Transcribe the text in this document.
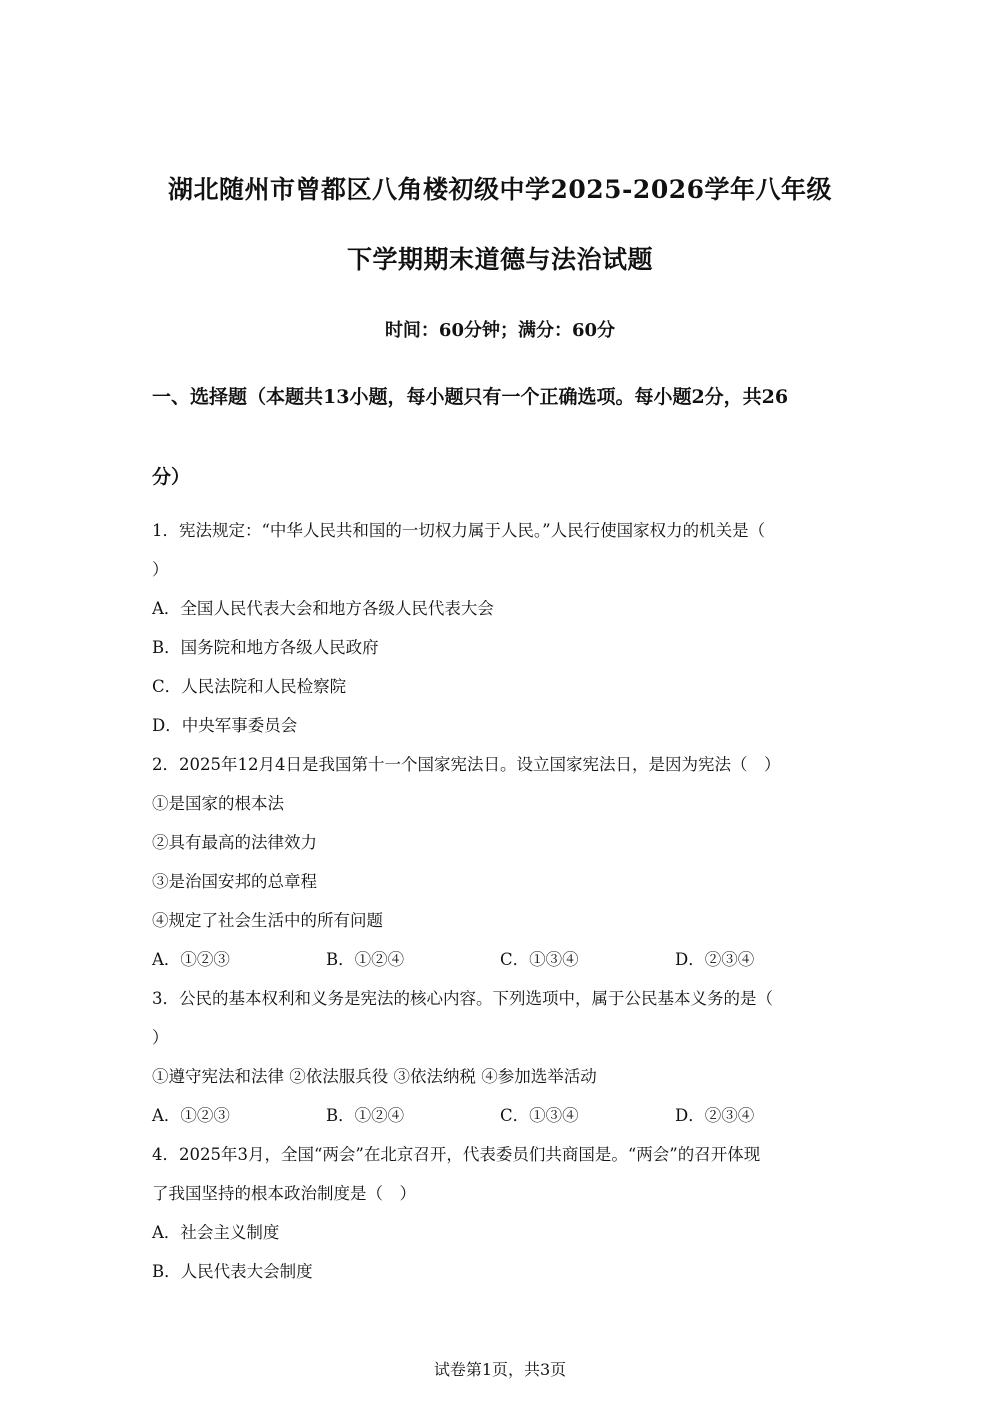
湖北随州市曾都区八角楼初级中学2025-2026学年八年级
下学期期末道德与法治试题
时间：60分钟；满分：60分
一、选择题（本题共13小题，每小题只有一个正确选项。每小题2分，共26
分）
1．宪法规定：“中华人民共和国的一切权力属于人民。”人民行使国家权力的机关是（
）
A．全国人民代表大会和地方各级人民代表大会
B．国务院和地方各级人民政府
C．人民法院和人民检察院
D．中央军事委员会
2．2025年12月4日是我国第十一个国家宪法日。设立国家宪法日，是因为宪法（　）
①是国家的根本法
②具有最高的法律效力
③是治国安邦的总章程
④规定了社会生活中的所有问题
A．①②③	B．①②④	C．①③④	D．②③④
3．公民的基本权利和义务是宪法的核心内容。下列选项中，属于公民基本义务的是（
）
①遵守宪法和法律 ②依法服兵役 ③依法纳税 ④参加选举活动
A．①②③	B．①②④	C．①③④	D．②③④
4．2025年3月，全国“两会”在北京召开，代表委员们共商国是。“两会”的召开体现
了我国坚持的根本政治制度是（　）
A．社会主义制度
B．人民代表大会制度
试卷第1页，共3页
